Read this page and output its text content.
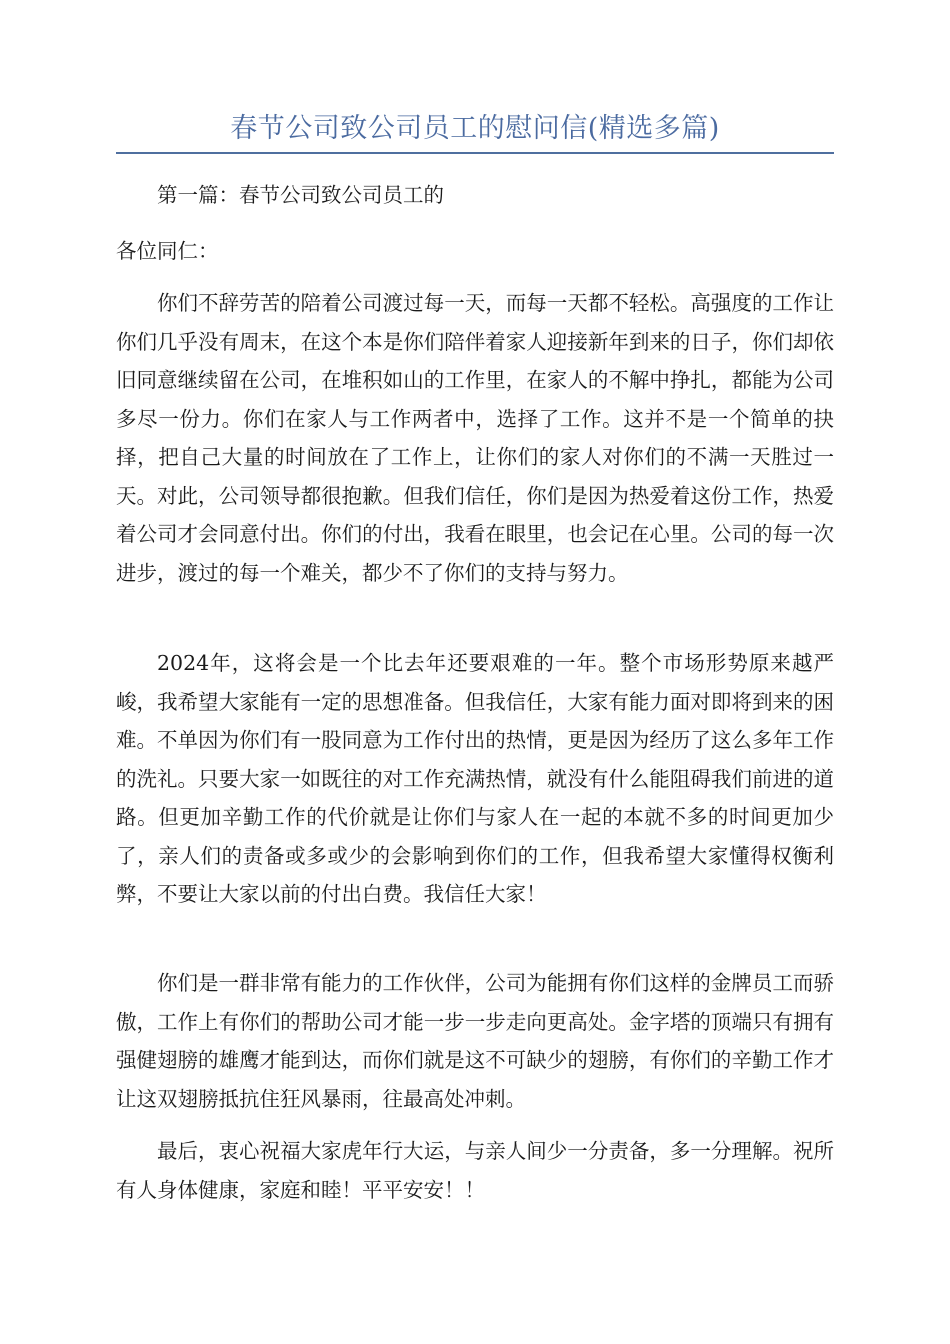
春节公司致公司员工的慰问信(精选多篇)

第一篇：春节公司致公司员工的

各位同仁：

你们不辞劳苦的陪着公司渡过每一天，而每一天都不轻松。高强度的工作让你们几乎没有周末，在这个本是你们陪伴着家人迎接新年到来的日子，你们却依旧同意继续留在公司，在堆积如山的工作里，在家人的不解中挣扎，都能为公司多尽一份力。你们在家人与工作两者中，选择了工作。这并不是一个简单的抉择，把自己大量的时间放在了工作上，让你们的家人对你们的不满一天胜过一天。对此，公司领导都很抱歉。但我们信任，你们是因为热爱着这份工作，热爱着公司才会同意付出。你们的付出，我看在眼里，也会记在心里。公司的每一次进步，渡过的每一个难关，都少不了你们的支持与努力。

2024年，这将会是一个比去年还要艰难的一年。整个市场形势原来越严峻，我希望大家能有一定的思想准备。但我信任，大家有能力面对即将到来的困难。不单因为你们有一股同意为工作付出的热情，更是因为经历了这么多年工作的洗礼。只要大家一如既往的对工作充满热情，就没有什么能阻碍我们前进的道路。但更加辛勤工作的代价就是让你们与家人在一起的本就不多的时间更加少了，亲人们的责备或多或少的会影响到你们的工作，但我希望大家懂得权衡利弊，不要让大家以前的付出白费。我信任大家！

你们是一群非常有能力的工作伙伴，公司为能拥有你们这样的金牌员工而骄傲，工作上有你们的帮助公司才能一步一步走向更高处。金字塔的顶端只有拥有强健翅膀的雄鹰才能到达，而你们就是这不可缺少的翅膀，有你们的辛勤工作才让这双翅膀抵抗住狂风暴雨，往最高处冲刺。

最后，衷心祝福大家虎年行大运，与亲人间少一分责备，多一分理解。祝所有人身体健康，家庭和睦！平平安安！！
